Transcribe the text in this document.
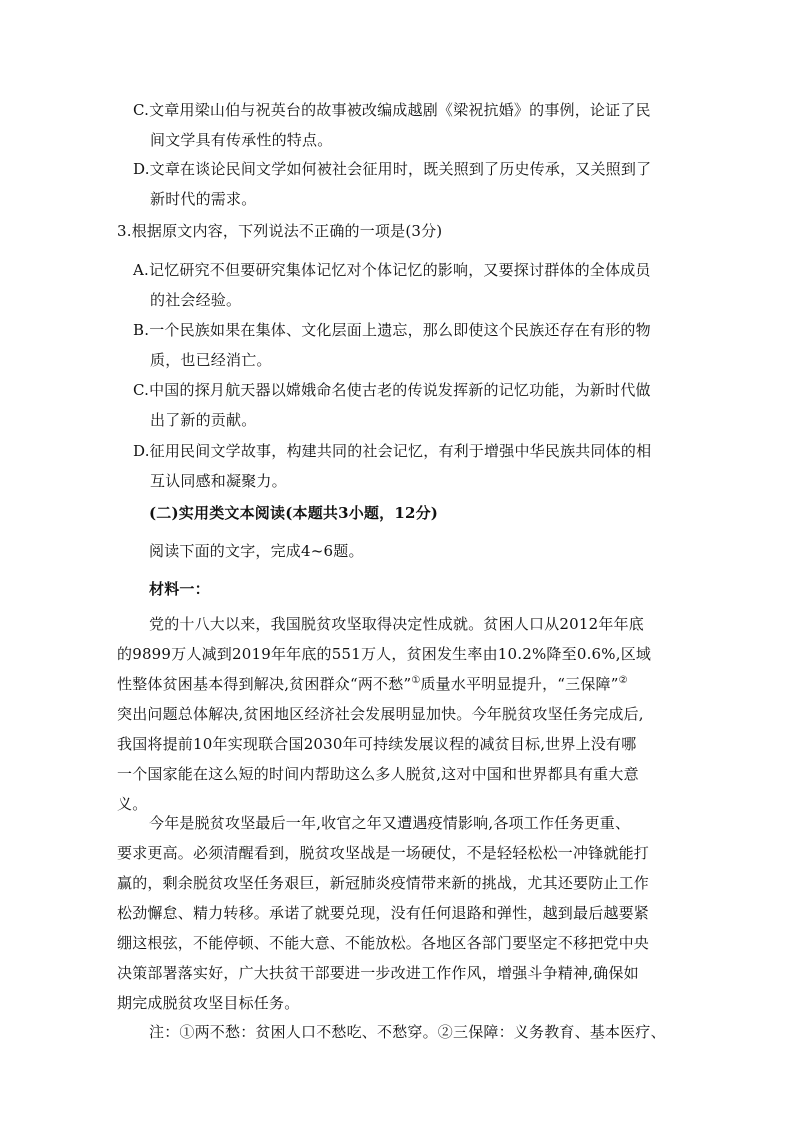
C.文章用梁山伯与祝英台的故事被改编成越剧《梁祝抗婚》的事例，论证了民
间文学具有传承性的特点。
D.文章在谈论民间文学如何被社会征用时，既关照到了历史传承，又关照到了
新时代的需求。
3.根据原文内容，下列说法不正确的一项是(3分)
A.记忆研究不但要研究集体记忆对个体记忆的影响，又要探讨群体的全体成员
的社会经验。
B.一个民族如果在集体、文化层面上遗忘，那么即使这个民族还存在有形的物
质，也已经消亡。
C.中国的探月航天器以嫦娥命名使古老的传说发挥新的记忆功能，为新时代做
出了新的贡献。
D.征用民间文学故事，构建共同的社会记忆，有利于增强中华民族共同体的相
互认同感和凝聚力。
(二)实用类文本阅读(本题共3小题，12分)
阅读下面的文字，完成4~6题。
材料一：
党的十八大以来，我国脱贫攻坚取得决定性成就。贫困人口从2012年年底
的9899万人减到2019年年底的551万人，贫困发生率由10.2%降至0.6%,区域
性整体贫困基本得到解决,贫困群众“两不愁”①质量水平明显提升，“三保障”②
突出问题总体解决,贫困地区经济社会发展明显加快。今年脱贫攻坚任务完成后,
我国将提前10年实现联合国2030年可持续发展议程的减贫目标,世界上没有哪
一个国家能在这么短的时间内帮助这么多人脱贫,这对中国和世界都具有重大意
义。
今年是脱贫攻坚最后一年,收官之年又遭遇疫情影响,各项工作任务更重、
要求更高。必须清醒看到，脱贫攻坚战是一场硬仗，不是轻轻松松一冲锋就能打
赢的，剩余脱贫攻坚任务艰巨，新冠肺炎疫情带来新的挑战，尤其还要防止工作
松劲懈怠、精力转移。承诺了就要兑现，没有任何退路和弹性，越到最后越要紧
绷这根弦，不能停顿、不能大意、不能放松。各地区各部门要坚定不移把党中央
决策部署落实好，广大扶贫干部要进一步改进工作作风，增强斗争精神,确保如
期完成脱贫攻坚目标任务。
注：①两不愁：贫困人口不愁吃、不愁穿。②三保障：义务教育、基本医疗、
